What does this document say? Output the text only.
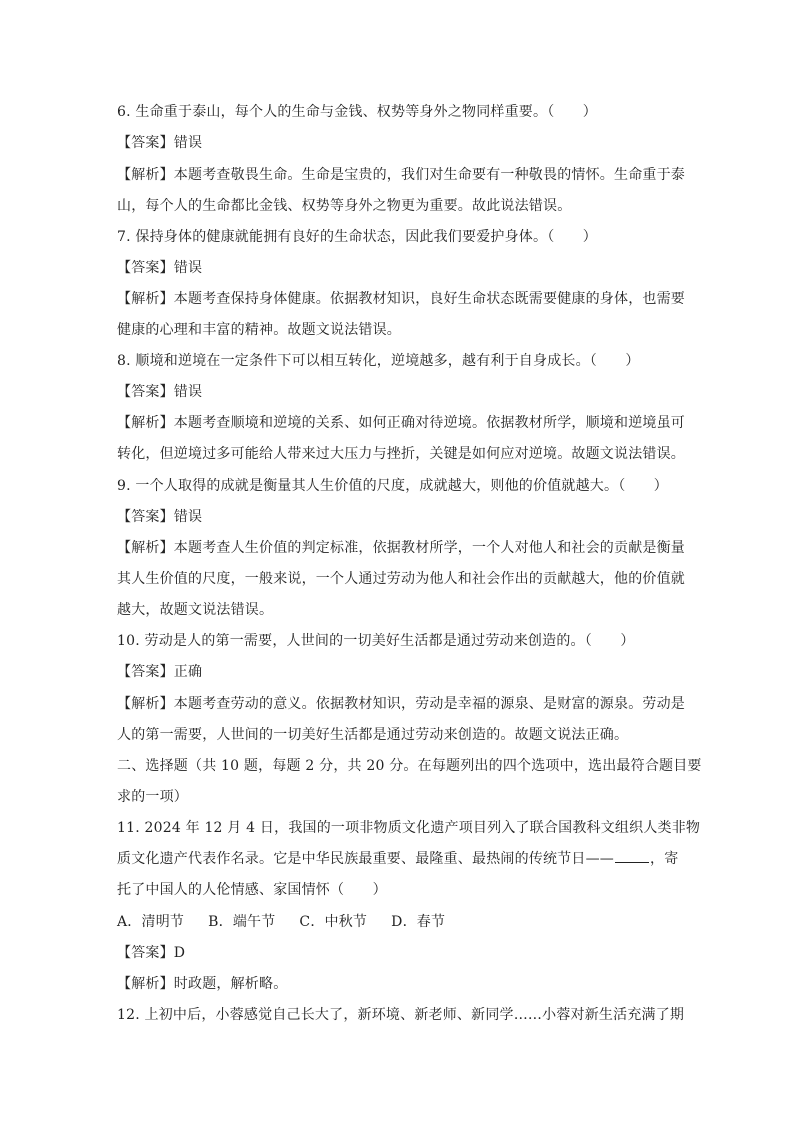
6. 生命重于泰山，每个人的生命与金钱、权势等身外之物同样重要。（　　）
【答案】错误
【解析】本题考查敬畏生命。生命是宝贵的，我们对生命要有一种敬畏的情怀。生命重于泰
山，每个人的生命都比金钱、权势等身外之物更为重要。故此说法错误。
7. 保持身体的健康就能拥有良好的生命状态，因此我们要爱护身体。（　　）
【答案】错误
【解析】本题考查保持身体健康。依据教材知识，良好生命状态既需要健康的身体，也需要
健康的心理和丰富的精神。故题文说法错误。
8. 顺境和逆境在一定条件下可以相互转化，逆境越多，越有利于自身成长。（　　）
【答案】错误
【解析】本题考查顺境和逆境的关系、如何正确对待逆境。依据教材所学，顺境和逆境虽可
转化，但逆境过多可能给人带来过大压力与挫折，关键是如何应对逆境。故题文说法错误。
9. 一个人取得的成就是衡量其人生价值的尺度，成就越大，则他的价值就越大。（　　）
【答案】错误
【解析】本题考查人生价值的判定标准，依据教材所学，一个人对他人和社会的贡献是衡量
其人生价值的尺度，一般来说，一个人通过劳动为他人和社会作出的贡献越大，他的价值就
越大，故题文说法错误。
10. 劳动是人的第一需要，人世间的一切美好生活都是通过劳动来创造的。（　　）
【答案】正确
【解析】本题考查劳动的意义。依据教材知识，劳动是幸福的源泉、是财富的源泉。劳动是
人的第一需要，人世间的一切美好生活都是通过劳动来创造的。故题文说法正确。
二、选择题（共 10 题，每题 2 分，共 20 分。在每题列出的四个选项中，选出最符合题目要
求的一项）
11. 2024 年 12 月 4 日，我国的一项非物质文化遗产项目列入了联合国教科文组织人类非物
质文化遗产代表作名录。它是中华民族最重要、最隆重、最热闹的传统节日——	，寄
托了中国人的人伦情感、家国情怀（　　）
A．清明节 B．端午节 C．中秋节 D．春节
【答案】D
【解析】时政题，解析略。
12. 上初中后，小蓉感觉自己长大了，新环境、新老师、新同学……小蓉对新生活充满了期
